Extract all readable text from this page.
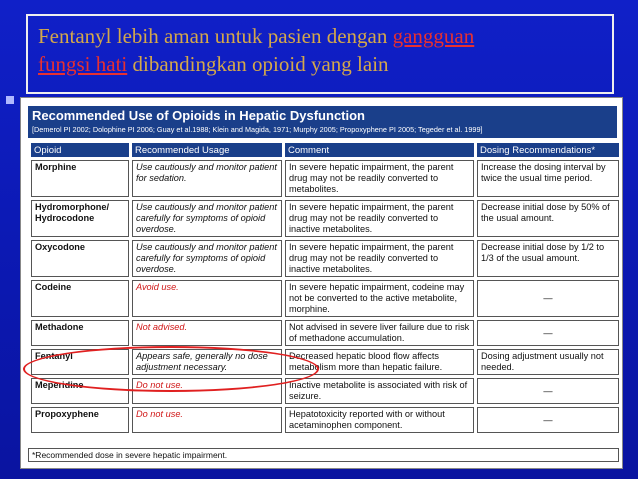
Fentanyl lebih aman untuk pasien dengan gangguan
fungsi hati dibandingkan opioid yang lain

Recommended Use of Opioids in Hepatic Dysfunction
[Demerol PI 2002; Dolophine PI 2006; Guay et al.1988; Klein and Magida, 1971; Murphy 2005; Propoxyphene PI 2005; Tegeder et al. 1999]
Opioid	Recommended Usage	Comment	Dosing Recommendations*
Morphine	Use cautiously and monitor patient for sedation.	In severe hepatic impairment, the parent drug may not be readily converted to metabolites.	Increase the dosing interval by twice the usual time period.
Hydromorphone/ Hydrocodone	Use cautiously and monitor patient carefully for symptoms of opioid overdose.	In severe hepatic impairment, the parent drug may not be readily converted to inactive metabolites.	Decrease initial dose by 50% of the usual amount.
Oxycodone	Use cautiously and monitor patient carefully for symptoms of opioid overdose.	In severe hepatic impairment, the parent drug may not be readily converted to inactive metabolites.	Decrease initial dose by 1/2 to 1/3 of the usual amount.
Codeine	Avoid use.	In severe hepatic impairment, codeine may not be converted to the active metabolite, morphine.	—
Methadone	Not advised.	Not advised in severe liver failure due to risk of methadone accumulation.	—
Fentanyl	Appears safe, generally no dose adjustment necessary.	Decreased hepatic blood flow affects metabolism more than hepatic failure.	Dosing adjustment usually not needed.
Meperidine	Do not use.	Inactive metabolite is associated with risk of seizure.	—
Propoxyphene	Do not use.	Hepatotoxicity reported with or without acetaminophen component.	—
*Recommended dose in severe hepatic impairment.
